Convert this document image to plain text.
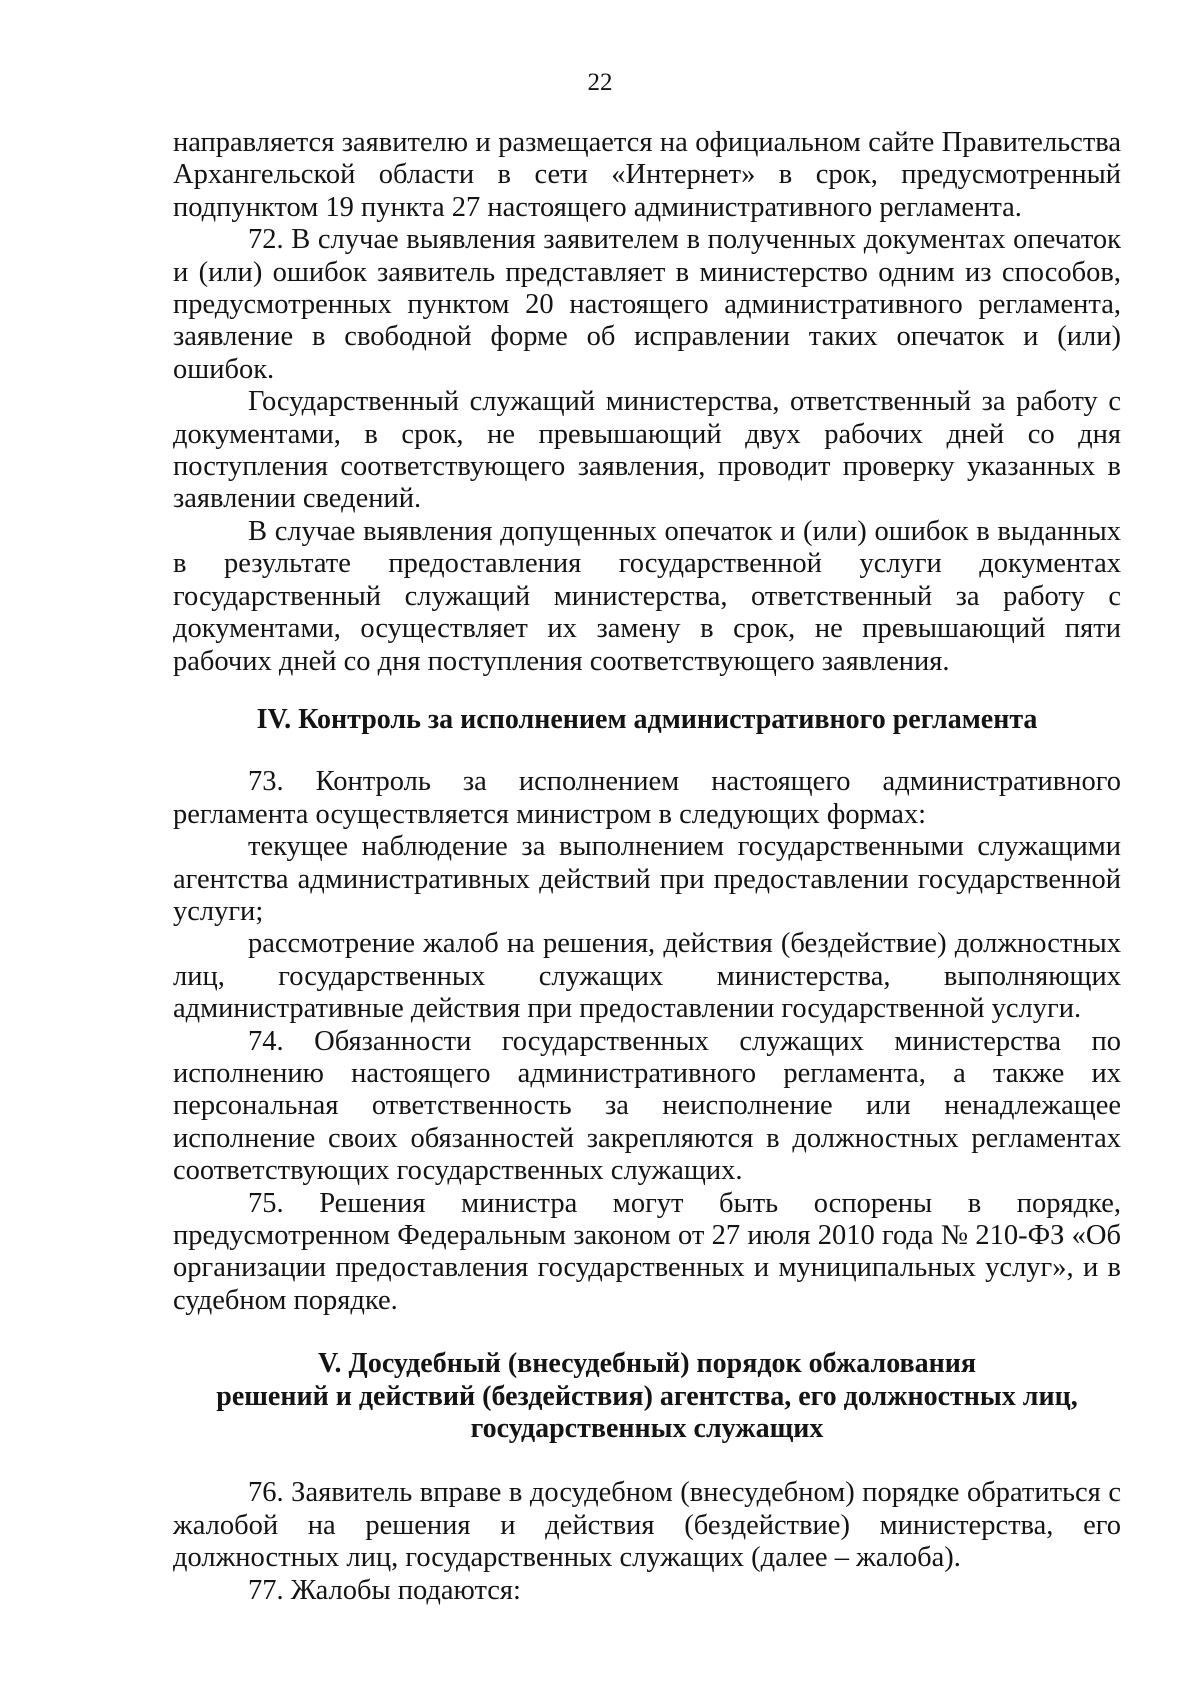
22

направляется заявителю и размещается на официальном сайте Правительства Архангельской области в сети «Интернет» в срок, предусмотренный подпунктом 19 пункта 27 настоящего административного регламента.

72. В случае выявления заявителем в полученных документах опечаток и (или) ошибок заявитель представляет в министерство одним из способов, предусмотренных пунктом 20 настоящего административного регламента, заявление в свободной форме об исправлении таких опечаток и (или) ошибок.

Государственный служащий министерства, ответственный за работу с документами, в срок, не превышающий двух рабочих дней со дня поступления соответствующего заявления, проводит проверку указанных в заявлении сведений.

В случае выявления допущенных опечаток и (или) ошибок в выданных в результате предоставления государственной услуги документах государственный служащий министерства, ответственный за работу с документами, осуществляет их замену в срок, не превышающий пяти рабочих дней со дня поступления соответствующего заявления.

IV. Контроль за исполнением административного регламента

73. Контроль за исполнением настоящего административного регламента осуществляется министром в следующих формах:

текущее наблюдение за выполнением государственными служащими агентства административных действий при предоставлении государственной услуги;

рассмотрение жалоб на решения, действия (бездействие) должностных лиц, государственных служащих министерства, выполняющих административные действия при предоставлении государственной услуги.

74. Обязанности государственных служащих министерства по исполнению настоящего административного регламента, а также их персональная ответственность за неисполнение или ненадлежащее исполнение своих обязанностей закрепляются в должностных регламентах соответствующих государственных служащих.

75. Решения министра могут быть оспорены в порядке, предусмотренном Федеральным законом от 27 июля 2010 года № 210-ФЗ «Об организации предоставления государственных и муниципальных услуг», и в судебном порядке.

V. Досудебный (внесудебный) порядок обжалования
решений и действий (бездействия) агентства, его должностных лиц,
государственных служащих

76. Заявитель вправе в досудебном (внесудебном) порядке обратиться с жалобой на решения и действия (бездействие) министерства, его должностных лиц, государственных служащих (далее – жалоба).

77. Жалобы подаются:
